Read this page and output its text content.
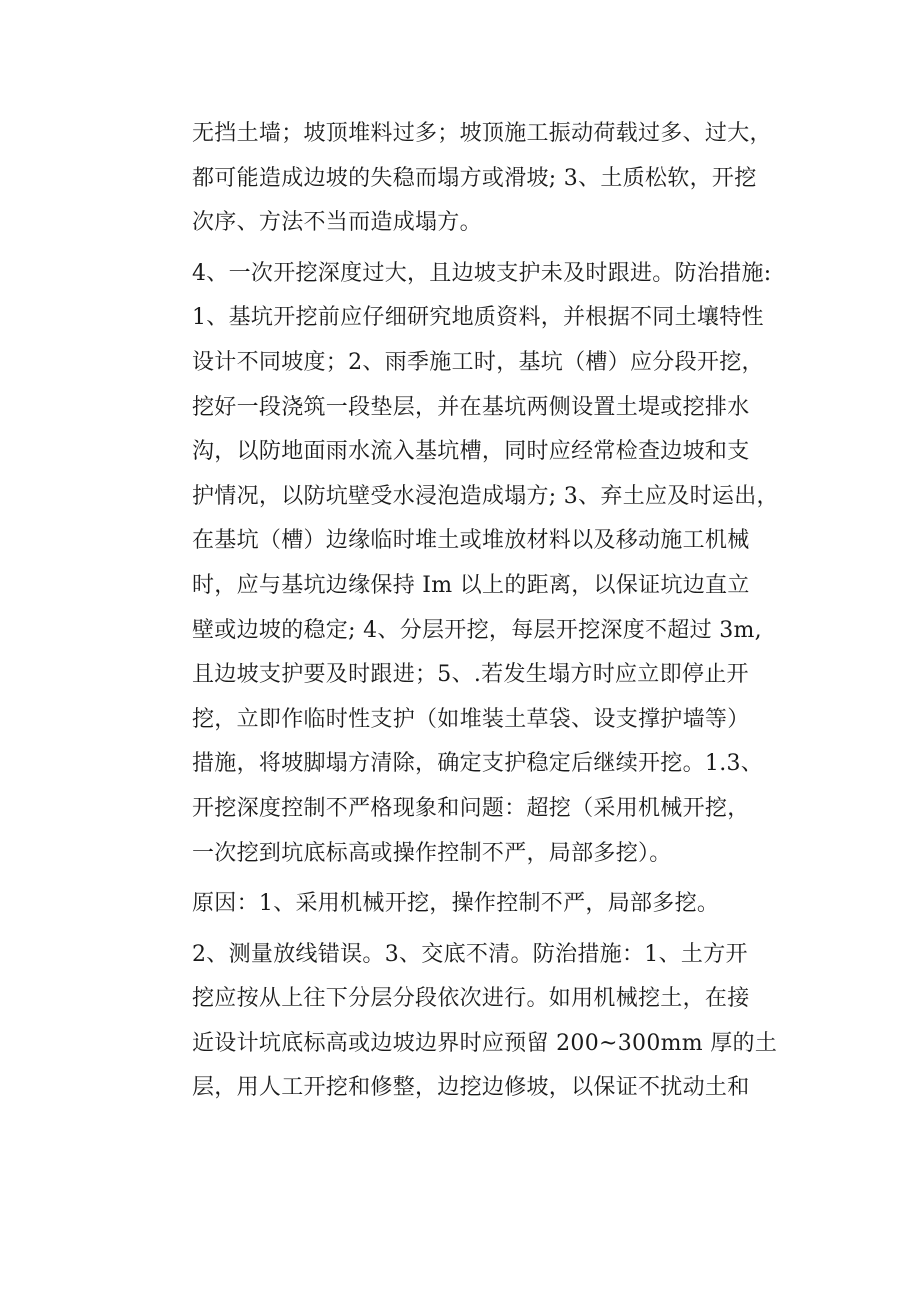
无挡土墙；坡顶堆料过多；坡顶施工振动荷载过多、过大，
都可能造成边坡的失稳而塌方或滑坡; 3、土质松软，开挖
次序、方法不当而造成塌方。
4、一次开挖深度过大，且边坡支护未及时跟进。防治措施:
1、基坑开挖前应仔细研究地质资料，并根据不同土壤特性
设计不同坡度；2、雨季施工时，基坑（槽）应分段开挖，
挖好一段浇筑一段垫层，并在基坑两侧设置土堤或挖排水
沟，以防地面雨水流入基坑槽，同时应经常检查边坡和支
护情况，以防坑壁受水浸泡造成塌方; 3、弃土应及时运出，
在基坑（槽）边缘临时堆土或堆放材料以及移动施工机械
时，应与基坑边缘保持 Im 以上的距离，以保证坑边直立
壁或边坡的稳定; 4、分层开挖，每层开挖深度不超过 3m,
且边坡支护要及时跟进；5、.若发生塌方时应立即停止开
挖，立即作临时性支护（如堆装土草袋、设支撑护墙等）
措施，将坡脚塌方清除，确定支护稳定后继续开挖。1.3、
开挖深度控制不严格现象和问题：超挖（采用机械开挖，
一次挖到坑底标高或操作控制不严，局部多挖）。
原因：1、采用机械开挖，操作控制不严，局部多挖。
2、测量放线错误。3、交底不清。防治措施：1、土方开
挖应按从上往下分层分段依次进行。如用机械挖土，在接
近设计坑底标高或边坡边界时应预留 200~300mm 厚的土
层，用人工开挖和修整，边挖边修坡，以保证不扰动土和
